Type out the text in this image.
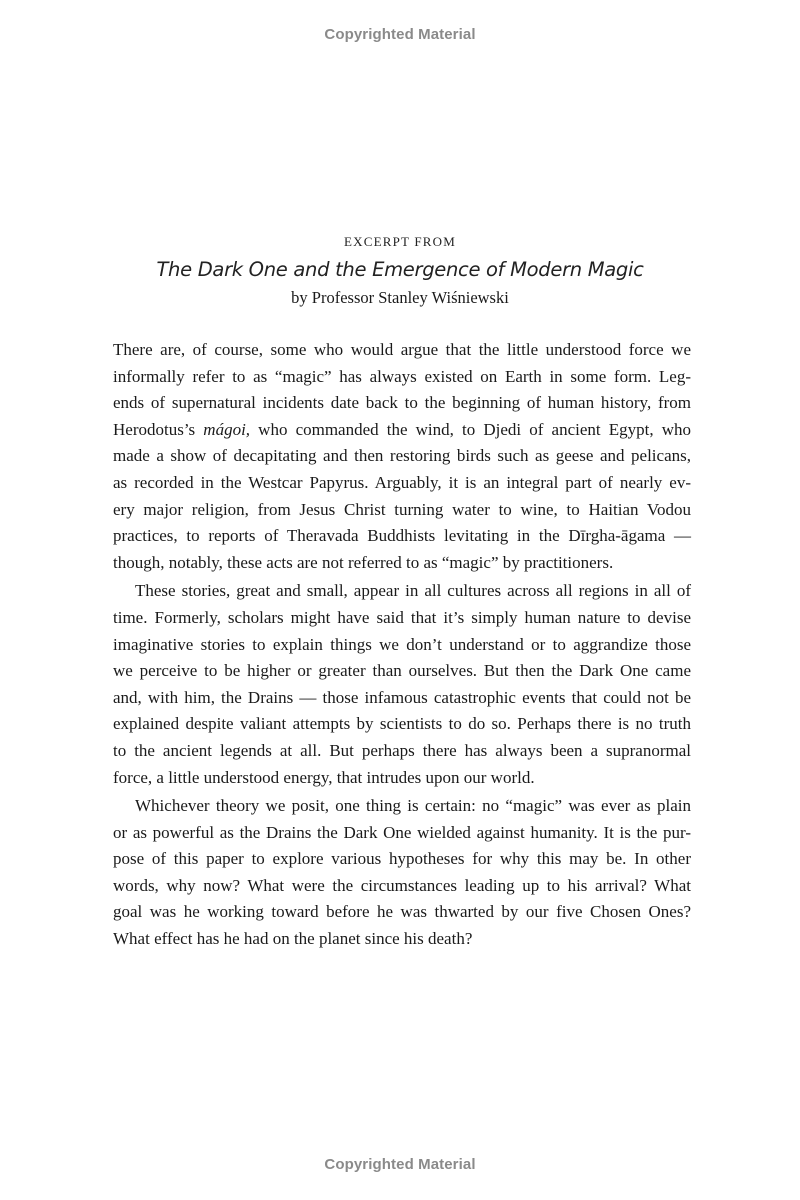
Copyrighted Material
EXCERPT FROM
The Dark One and the Emergence of Modern Magic
by Professor Stanley Wiśniewski
There are, of course, some who would argue that the little understood force we
informally refer to as “magic” has always existed on Earth in some form. Leg-
ends of supernatural incidents date back to the beginning of human history, from
Herodotus’s mágoi, who commanded the wind, to Djedi of ancient Egypt, who
made a show of decapitating and then restoring birds such as geese and pelicans,
as recorded in the Westcar Papyrus. Arguably, it is an integral part of nearly ev-
ery major religion, from Jesus Christ turning water to wine, to Haitian Vodou
practices, to reports of Theravada Buddhists levitating in the Dīrgha-āgama —
though, notably, these acts are not referred to as “magic” by practitioners.
These stories, great and small, appear in all cultures across all regions in all of
time. Formerly, scholars might have said that it’s simply human nature to devise
imaginative stories to explain things we don’t understand or to aggrandize those
we perceive to be higher or greater than ourselves. But then the Dark One came
and, with him, the Drains — those infamous catastrophic events that could not be
explained despite valiant attempts by scientists to do so. Perhaps there is no truth
to the ancient legends at all. But perhaps there has always been a supranormal
force, a little understood energy, that intrudes upon our world.
Whichever theory we posit, one thing is certain: no “magic” was ever as plain
or as powerful as the Drains the Dark One wielded against humanity. It is the pur-
pose of this paper to explore various hypotheses for why this may be. In other
words, why now? What were the circumstances leading up to his arrival? What
goal was he working toward before he was thwarted by our five Chosen Ones?
What effect has he had on the planet since his death?
Copyrighted Material
